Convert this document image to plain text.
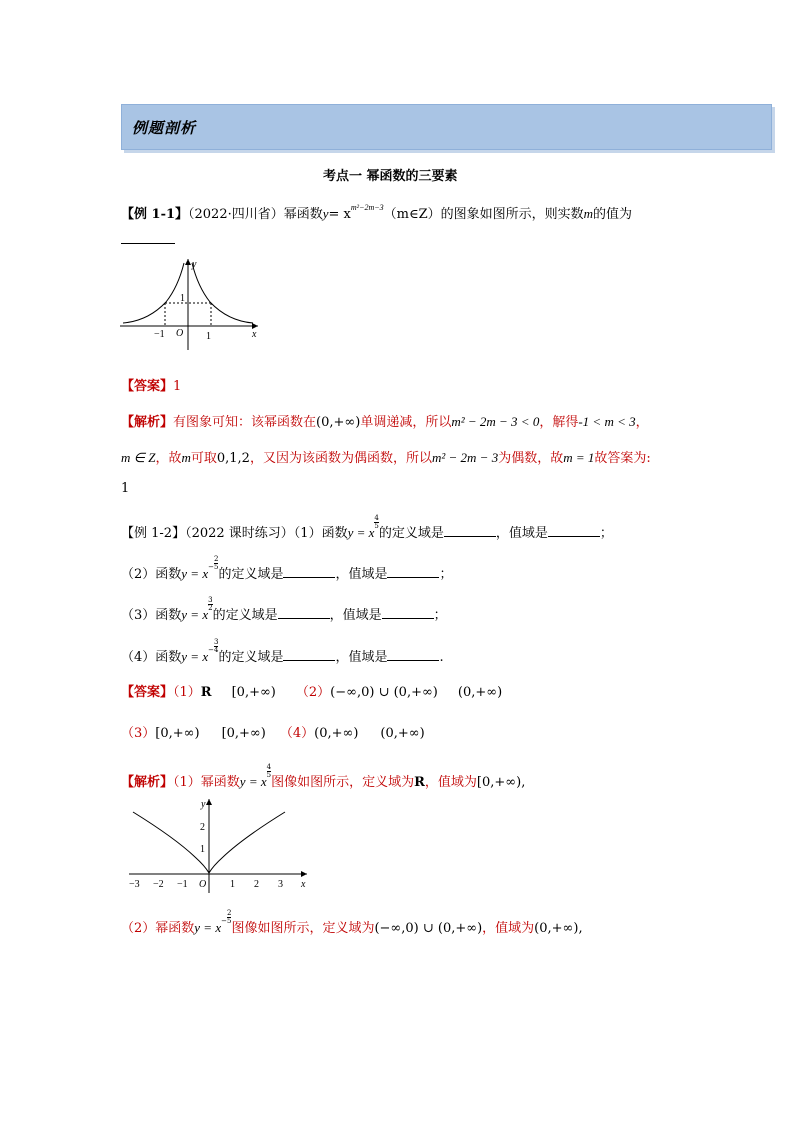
例题剖析
考点一 幂函数的三要素
【例 1-1】（2022·四川省）幂函数$y= x^{m^2-2m-3}(m\in Z)$的图象如图所示，则实数m的值为
y
x
O
−1	1
1
【答案】1
【解析】有图象可知：该幂函数在(0,+∞)单调递减，所以m² − 2m − 3 < 0，解得-1 < m < 3，
m ∈ Z，故m可取0,1,2，又因为该函数为偶函数，所以m² − 2m − 3为偶数，故m = 1故答案为:
1
【例 1-2】（2022 课时练习）（1）函数y = x
$\frac{4}{5}$
的定义域是	，值域是	；
（2）函数$y = x- \frac{2}{5}$
的定义域是	，值域是	；
（3）函数y = x
$\frac{3}{2}$
的定义域是	，值域是	；
（4）函数$y = x- \frac{3}{4}$
的定义域是	，值域是	.
【答案】（1）R [0,+∞) （2）(−∞,0) ∪ (0,+∞) (0,+∞)
（3）[0,+∞) [0,+∞) （4）(0,+∞) (0,+∞)
【解析】（1）幂函数y = x
$\frac{4}{5}$
图像如图所示，定义域为R，值域为[0,+∞),
y
x
O
−3 −2 −1	1 2 3
1
2
（2）幂函数$y = x- \frac{2}{5}$
图像如图所示，定义域为(−∞,0) ∪ (0,+∞)，值域为(0,+∞),
